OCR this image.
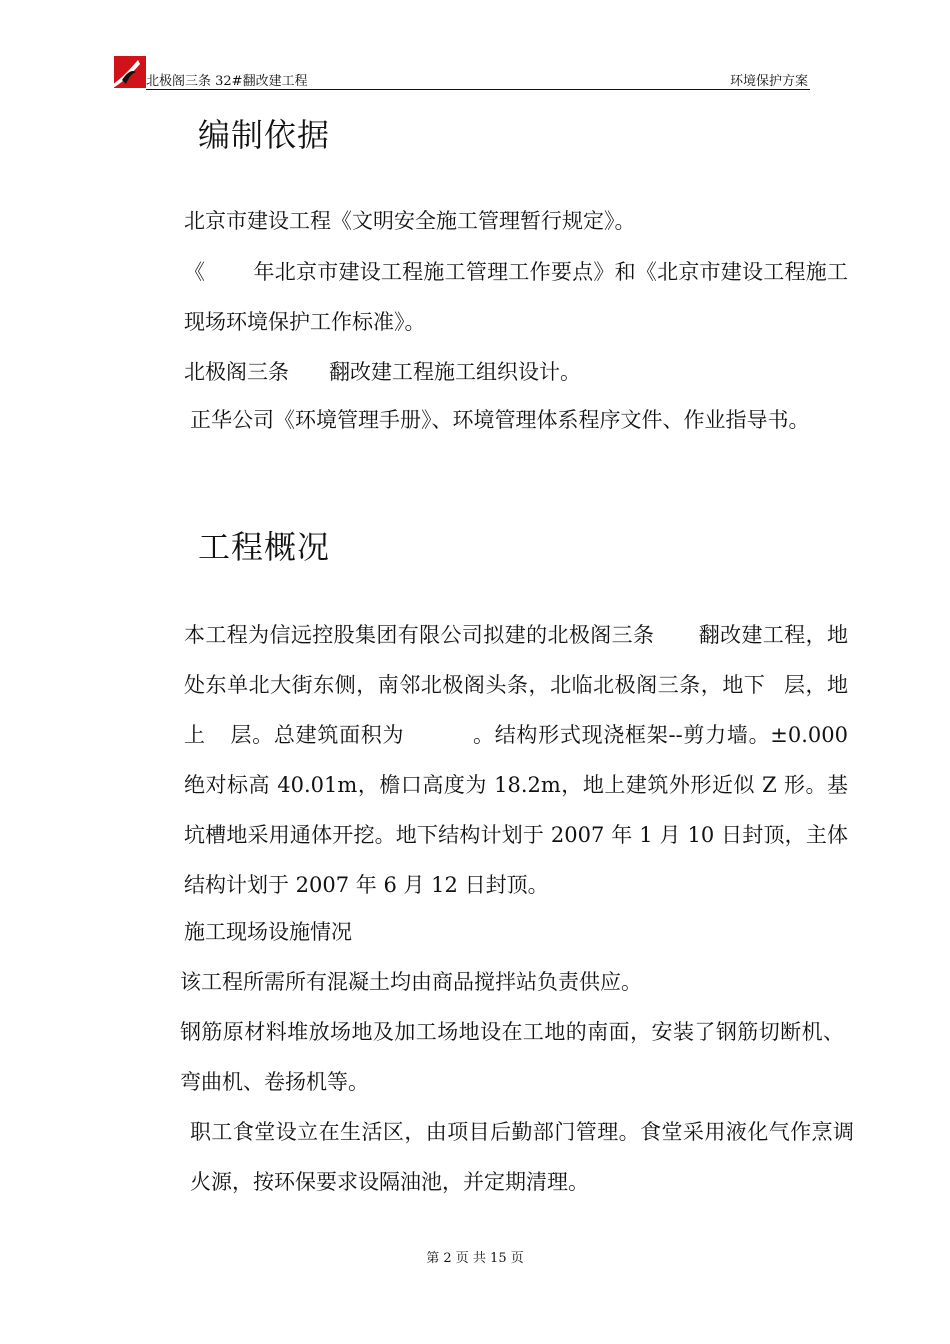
北极阁三条 32#翻改建工程	环境保护方案
编制依据

北京市建设工程《文明安全施工管理暂行规定》。

《 年北京市建设工程施工管理工作要点》和《北京市建设工程施工现场环境保护工作标准》。

北极阁三条 翻改建工程施工组织设计。

正华公司《环境管理手册》、环境管理体系程序文件、作业指导书。

工程概况

本工程为信远控股集团有限公司拟建的北极阁三条 翻改建工程，地处东单北大街东侧，南邻北极阁头条，北临北极阁三条，地下 层，地上 层。总建筑面积为	。结构形式现浇框架--剪力墙。±0.000 绝对标高 40.01m，檐口高度为 18.2m，地上建筑外形近似 Z 形。基坑槽地采用通体开挖。地下结构计划于 2007 年 1 月 10 日封顶，主体结构计划于 2007 年 6 月 12 日封顶。

施工现场设施情况

该工程所需所有混凝土均由商品搅拌站负责供应。

钢筋原材料堆放场地及加工场地设在工地的南面，安装了钢筋切断机、弯曲机、卷扬机等。

职工食堂设立在生活区，由项目后勤部门管理。食堂采用液化气作烹调火源，按环保要求设隔油池，并定期清理。

第 2 页 共 15 页
